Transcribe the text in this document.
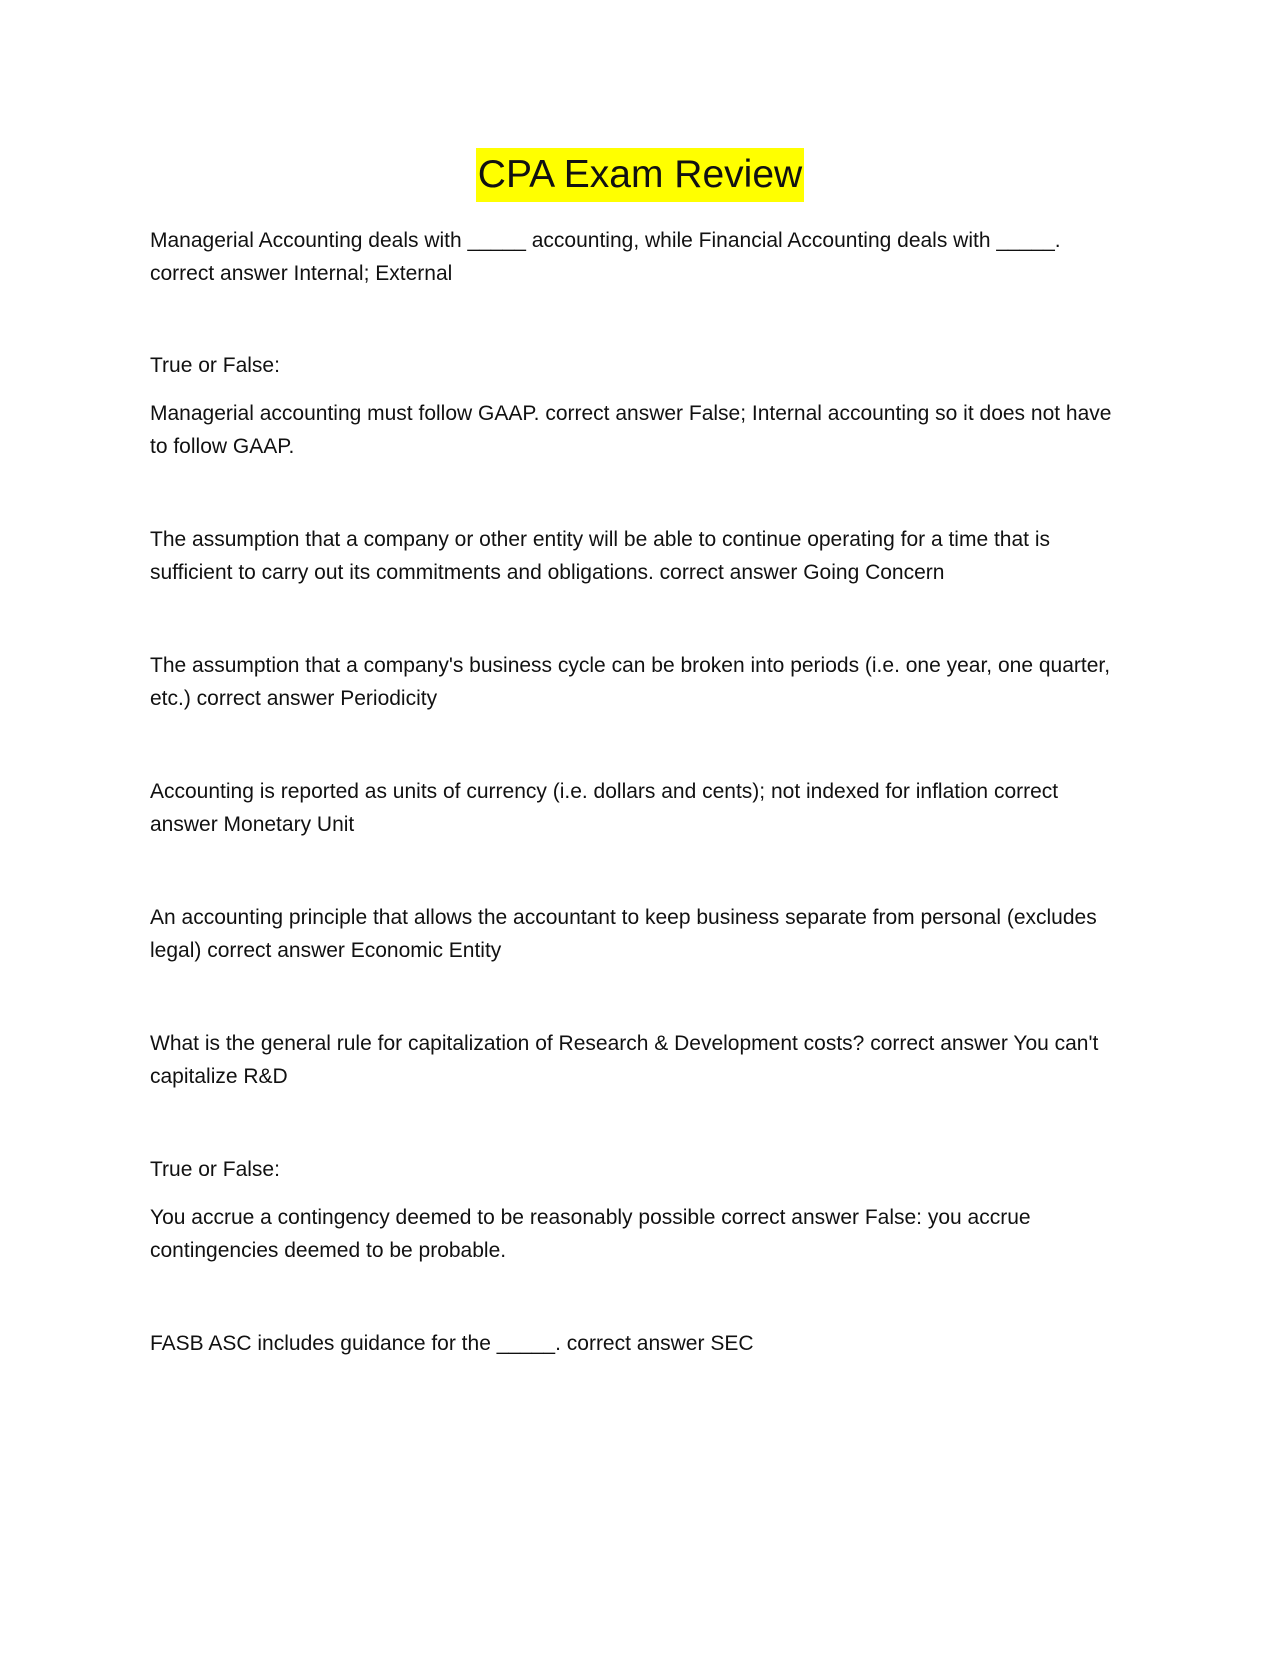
CPA Exam Review

Managerial Accounting deals with _____ accounting, while Financial Accounting deals with _____. correct answer Internal; External

True or False:

Managerial accounting must follow GAAP. correct answer False; Internal accounting so it does not have to follow GAAP.

The assumption that a company or other entity will be able to continue operating for a time that is sufficient to carry out its commitments and obligations. correct answer Going Concern

The assumption that a company's business cycle can be broken into periods (i.e. one year, one quarter, etc.) correct answer Periodicity

Accounting is reported as units of currency (i.e. dollars and cents); not indexed for inflation correct answer Monetary Unit

An accounting principle that allows the accountant to keep business separate from personal (excludes legal) correct answer Economic Entity

What is the general rule for capitalization of Research & Development costs? correct answer You can't capitalize R&D

True or False:

You accrue a contingency deemed to be reasonably possible correct answer False: you accrue contingencies deemed to be probable.

FASB ASC includes guidance for the _____. correct answer SEC
